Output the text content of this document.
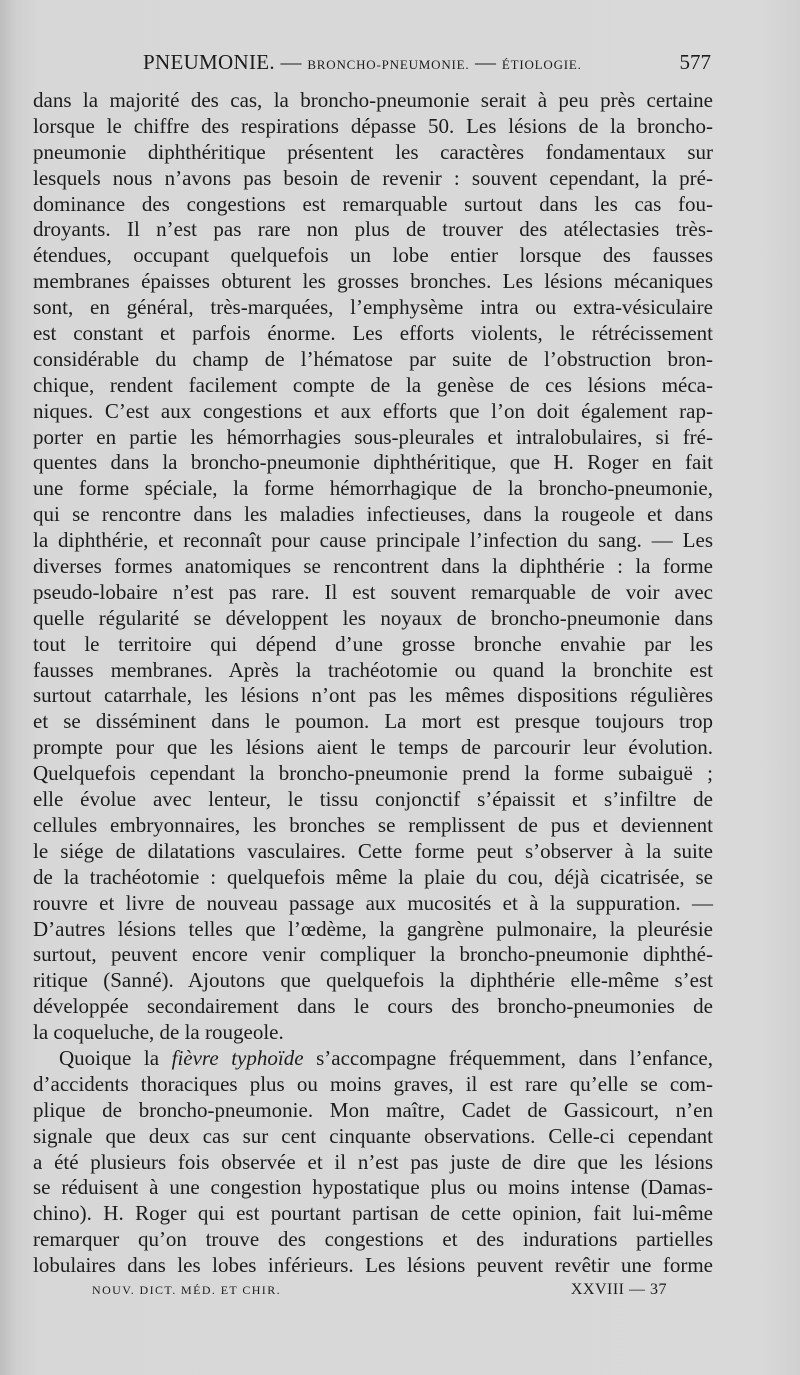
PNEUMONIE. — BRONCHO-PNEUMONIE. — ÉTIOLOGIE.	577
dans la majorité des cas, la broncho-pneumonie serait à peu près certaine
lorsque le chiffre des respirations dépasse 50. Les lésions de la broncho-
pneumonie diphthéritique présentent les caractères fondamentaux sur
lesquels nous n’avons pas besoin de revenir : souvent cependant, la pré-
dominance des congestions est remarquable surtout dans les cas fou-
droyants. Il n’est pas rare non plus de trouver des atélectasies très-
étendues, occupant quelquefois un lobe entier lorsque des fausses
membranes épaisses obturent les grosses bronches. Les lésions mécaniques
sont, en général, très-marquées, l’emphysème intra ou extra-vésiculaire
est constant et parfois énorme. Les efforts violents, le rétrécissement
considérable du champ de l’hématose par suite de l’obstruction bron-
chique, rendent facilement compte de la genèse de ces lésions méca-
niques. C’est aux congestions et aux efforts que l’on doit également rap-
porter en partie les hémorrhagies sous-pleurales et intralobulaires, si fré-
quentes dans la broncho-pneumonie diphthéritique, que H. Roger en fait
une forme spéciale, la forme hémorrhagique de la broncho-pneumonie,
qui se rencontre dans les maladies infectieuses, dans la rougeole et dans
la diphthérie, et reconnaît pour cause principale l’infection du sang. — Les
diverses formes anatomiques se rencontrent dans la diphthérie : la forme
pseudo-lobaire n’est pas rare. Il est souvent remarquable de voir avec
quelle régularité se développent les noyaux de broncho-pneumonie dans
tout le territoire qui dépend d’une grosse bronche envahie par les
fausses membranes. Après la trachéotomie ou quand la bronchite est
surtout catarrhale, les lésions n’ont pas les mêmes dispositions régulières
et se disséminent dans le poumon. La mort est presque toujours trop
prompte pour que les lésions aient le temps de parcourir leur évolution.
Quelquefois cependant la broncho-pneumonie prend la forme subaiguë ;
elle évolue avec lenteur, le tissu conjonctif s’épaissit et s’infiltre de
cellules embryonnaires, les bronches se remplissent de pus et deviennent
le siége de dilatations vasculaires. Cette forme peut s’observer à la suite
de la trachéotomie : quelquefois même la plaie du cou, déjà cicatrisée, se
rouvre et livre de nouveau passage aux mucosités et à la suppuration. —
D’autres lésions telles que l’œdème, la gangrène pulmonaire, la pleurésie
surtout, peuvent encore venir compliquer la broncho-pneumonie diphthé-
ritique (Sanné). Ajoutons que quelquefois la diphthérie elle-même s’est
développée secondairement dans le cours des broncho-pneumonies de
la coqueluche, de la rougeole.
Quoique la fièvre typhoïde s’accompagne fréquemment, dans l’enfance,
d’accidents thoraciques plus ou moins graves, il est rare qu’elle se com-
plique de broncho-pneumonie. Mon maître, Cadet de Gassicourt, n’en
signale que deux cas sur cent cinquante observations. Celle-ci cependant
a été plusieurs fois observée et il n’est pas juste de dire que les lésions
se réduisent à une congestion hypostatique plus ou moins intense (Damas-
chino). H. Roger qui est pourtant partisan de cette opinion, fait lui-même
remarquer qu’on trouve des congestions et des indurations partielles
lobulaires dans les lobes inférieurs. Les lésions peuvent revêtir une forme
NOUV. DICT. MÉD. ET CHIR.	XXVIII — 37
